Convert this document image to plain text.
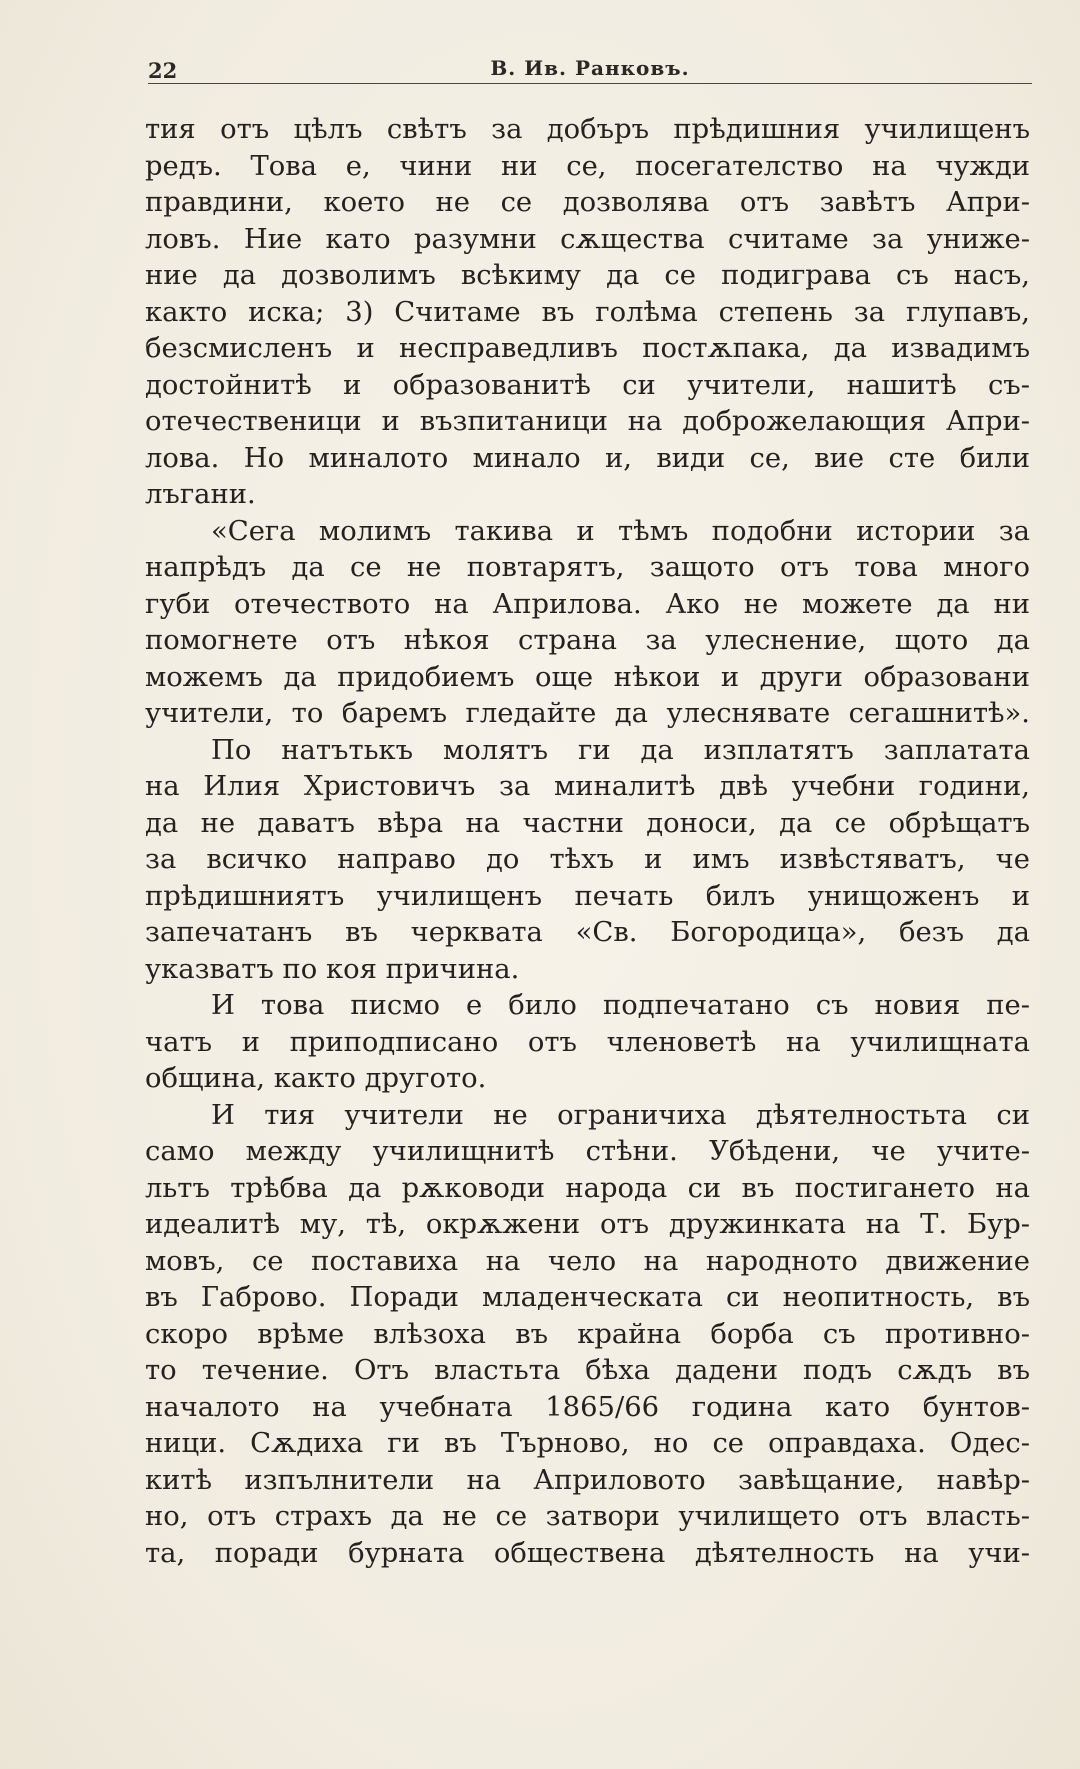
22	В. Ив. Ранковъ.
тия отъ цѣлъ свѣтъ за добъръ прѣдишния училищенъ
редъ. Това е, чини ни се, посегателство на чужди
правдини, което не се дозволява отъ завѣтъ Апри-
ловъ. Ние като разумни сѫщества считаме за униже-
ние да дозволимъ всѣкиму да се подиграва съ насъ,
както иска; 3) Считаме въ голѣма степень за глупавъ,
безсмисленъ и несправедливъ постѫпака, да извадимъ
достойнитѣ и образованитѣ си учители, нашитѣ съ-
отечественици и възпитаници на доброжелающия Апри-
лова. Но миналото минало и, види се, вие сте били
лъгани.
«Сега молимъ такива и тѣмъ подобни истории за
напрѣдъ да се не повтарятъ, защото отъ това много
губи отечеството на Априлова. Ако не можете да ни
помогнете отъ нѣкоя страна за улеснение, щото да
можемъ да придобиемъ още нѣкои и други образовани
учители, то баремъ гледайте да улеснявате сегашнитѣ».
По натътькъ молятъ ги да изплатятъ заплатата
на Илия Христовичъ за миналитѣ двѣ учебни години,
да не даватъ вѣра на частни доноси, да се обрѣщатъ
за всичко направо до тѣхъ и имъ извѣстяватъ, че
прѣдишниятъ училищенъ печать билъ унищоженъ и
запечатанъ въ черквата «Св. Богородица», безъ да
указватъ по коя причина.
И това писмо е било подпечатано съ новия пе-
чатъ и приподписано отъ членоветѣ на училищната
община, както другото.
И тия учители не ограничиха дѣятелностьта си
само между училищнитѣ стѣни. Убѣдени, че учите-
льтъ трѣбва да рѫководи народа си въ постигането на
идеалитѣ му, тѣ, окрѫжени отъ дружинката на Т. Бур-
мовъ, се поставиха на чело на народното движение
въ Габрово. Поради младенческата си неопитность, въ
скоро врѣме влѣзоха въ крайна борба съ противно-
то течение. Отъ властьта бѣха дадени подъ сѫдъ въ
началото на учебната 1865/66 година като бунтов-
ници. Сѫдиха ги въ Търново, но се оправдаха. Одес-
китѣ изпълнители на Априловото завѣщание, навѣр-
но, отъ страхъ да не се затвори училището отъ власть-
та, поради бурната обществена дѣятелность на учи-
